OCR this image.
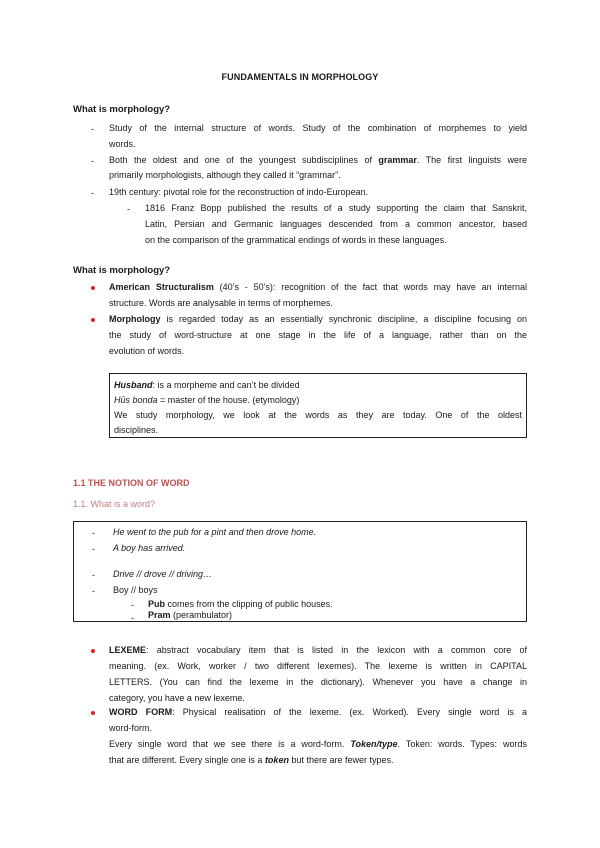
FUNDAMENTALS IN MORPHOLOGY
What is morphology?
- Study of the internal structure of words. Study of the combination of morphemes to yield
words.
- Both the oldest and one of the youngest subdisciplines of grammar. The first linguists were
primarily morphologists, although they called it “grammar”.
- 19th century: pivotal role for the reconstruction of indo-European.
- 1816 Franz Bopp published the results of a study supporting the claim that Sanskrit,
Latin, Persian and Germanic languages descended from a common ancestor, based
on the comparison of the grammatical endings of words in these languages.
What is morphology?
American Structuralism (40’s - 50’s): recognition of the fact that words may have an internal
structure. Words are analysable in terms of morphemes.
Morphology is regarded today as an essentially synchronic discipline, a discipline focusing on
the study of word-structure at one stage in the life of a language, rather than on the
evolution of words.
Husband: is a morpheme and can’t be divided
Hūs bonda = master of the house. (etymology)
We study morphology, we look at the words as they are today. One of the oldest
disciplines.
1.1 THE NOTION OF WORD
1.1. What is a word?
- He went to the pub for a pint and then drove home.
- A boy has arrived.
- Drive // drove // driving…
- Boy // boys
- Pub comes from the clipping of public houses.
- Pram (perambulator)
LEXEME: abstract vocabulary item that is listed in the lexicon with a common core of
meaning. (ex. Work, worker / two different lexemes). The lexeme is written in CAPITAL
LETTERS. (You can find the lexeme in the dictionary). Whenever you have a change in
category, you have a new lexeme.
WORD FORM: Physical realisation of the lexeme. (ex. Worked). Every single word is a
word-form.
Every single word that we see there is a word-form. Token/type. Token: words. Types: words
that are different. Every single one is a token but there are fewer types.
